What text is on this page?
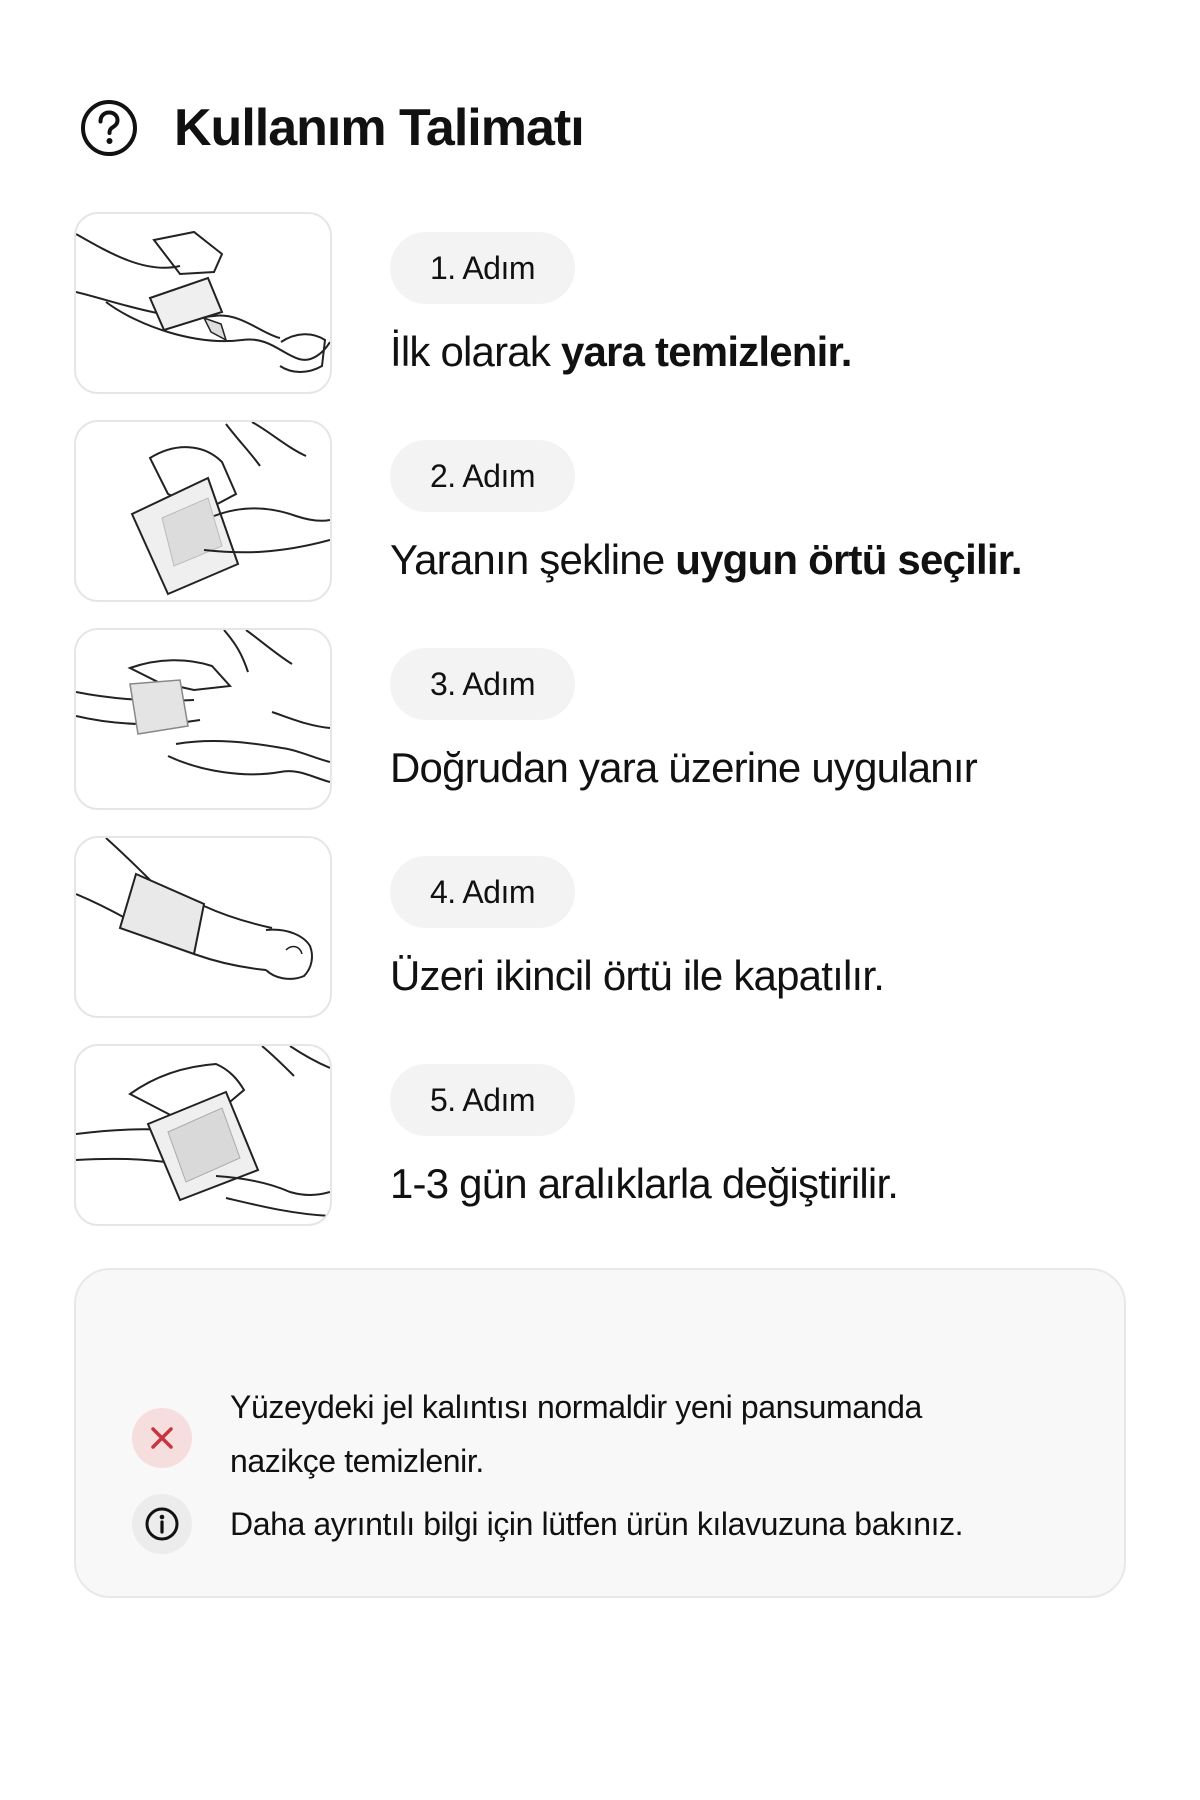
Kullanım Talimatı
1. Adım
İlk olarak yara temizlenir.
2. Adım
Yaranın şekline uygun örtü seçilir.
3. Adım
Doğrudan yara üzerine uygulanır
4. Adım
Üzeri ikincil örtü ile kapatılır.
5. Adım
1-3 gün aralıklarla değiştirilir.
Yüzeydeki jel kalıntısı normaldir yeni pansumanda nazikçe temizlenir.
Daha ayrıntılı bilgi için lütfen ürün kılavuzuna bakınız.
